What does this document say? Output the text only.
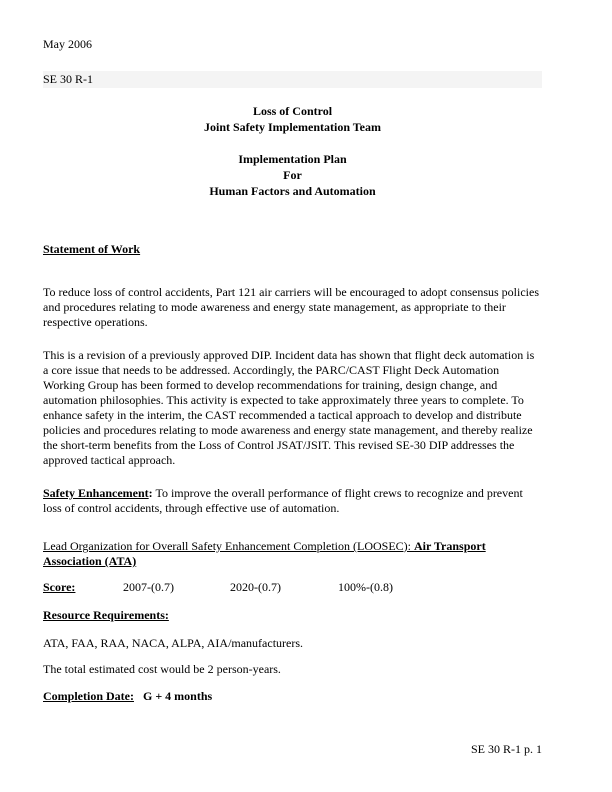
May 2006
SE 30 R-1
Loss of Control
Joint Safety Implementation Team
Implementation Plan
For
Human Factors and Automation
Statement of Work

To reduce loss of control accidents, Part 121 air carriers will be encouraged to adopt consensus policies and procedures relating to mode awareness and energy state management, as appropriate to their respective operations.

This is a revision of a previously approved DIP. Incident data has shown that flight deck automation is a core issue that needs to be addressed. Accordingly, the PARC/CAST Flight Deck Automation Working Group has been formed to develop recommendations for training, design change, and automation philosophies. This activity is expected to take approximately three years to complete. To enhance safety in the interim, the CAST recommended a tactical approach to develop and distribute policies and procedures relating to mode awareness and energy state management, and thereby realize the short-term benefits from the Loss of Control JSAT/JSIT. This revised SE-30 DIP addresses the approved tactical approach.

Safety Enhancement: To improve the overall performance of flight crews to recognize and prevent loss of control accidents, through effective use of automation.

Lead Organization for Overall Safety Enhancement Completion (LOOSEC): Air Transport Association (ATA)

Score:	2007-(0.7)	2020-(0.7)	100%-(0.8)
Resource Requirements:

ATA, FAA, RAA, NACA, ALPA, AIA/manufacturers.

The total estimated cost would be 2 person-years.

Completion Date: G + 4 months
SE 30 R-1 p. 1
